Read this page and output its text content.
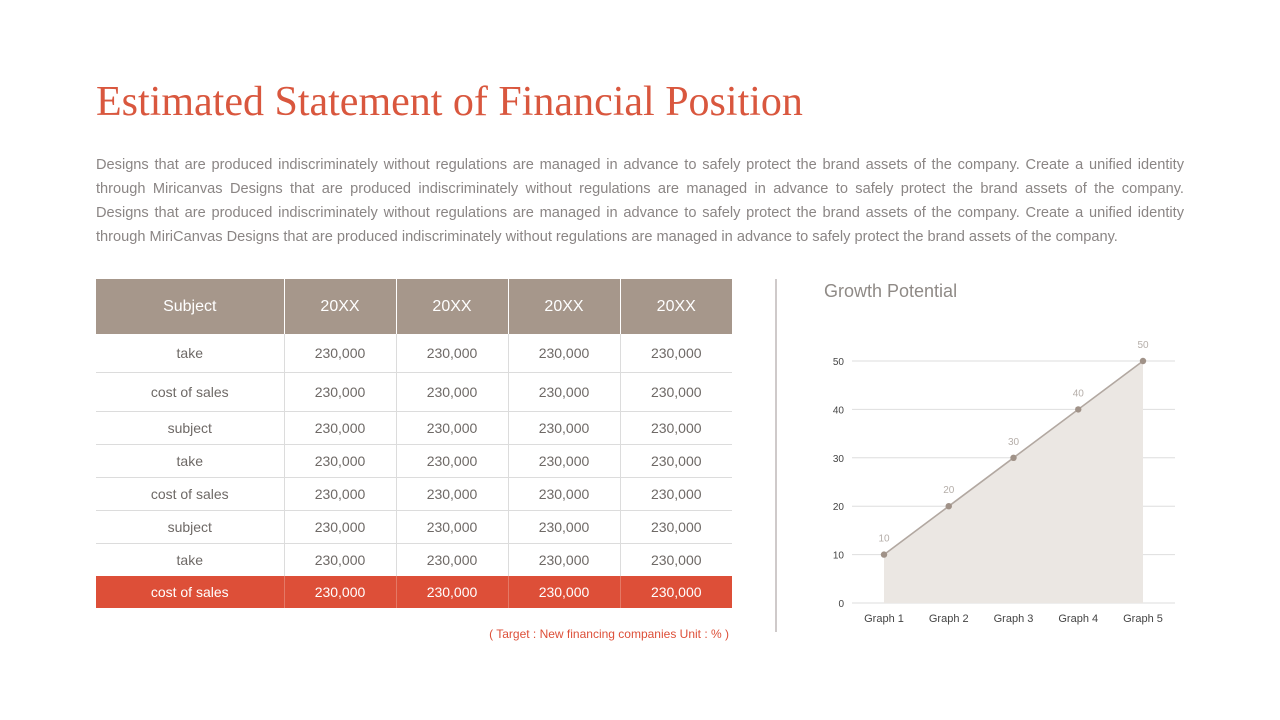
Estimated Statement of Financial Position
Designs that are produced indiscriminately without regulations are managed in advance to safely protect the brand assets of the company. Create a unified identity
through Miricanvas Designs that are produced indiscriminately without regulations are managed in advance to safely protect the brand assets of the company.
Designs that are produced indiscriminately without regulations are managed in advance to safely protect the brand assets of the company. Create a unified identity
through MiriCanvas Designs that are produced indiscriminately without regulations are managed in advance to safely protect the brand assets of the company.
Subject	20XX	20XX	20XX	20XX
take	230,000	230,000	230,000	230,000
cost of sales	230,000	230,000	230,000	230,000
subject	230,000	230,000	230,000	230,000
take	230,000	230,000	230,000	230,000
cost of sales	230,000	230,000	230,000	230,000
subject	230,000	230,000	230,000	230,000
take	230,000	230,000	230,000	230,000
cost of sales	230,000	230,000	230,000	230,000
( Target : New financing companies Unit : % )
Growth Potential
0
10
20
30
40
50
10
20
30
40
50
Graph 1 Graph 2 Graph 3 Graph 4 Graph 5
